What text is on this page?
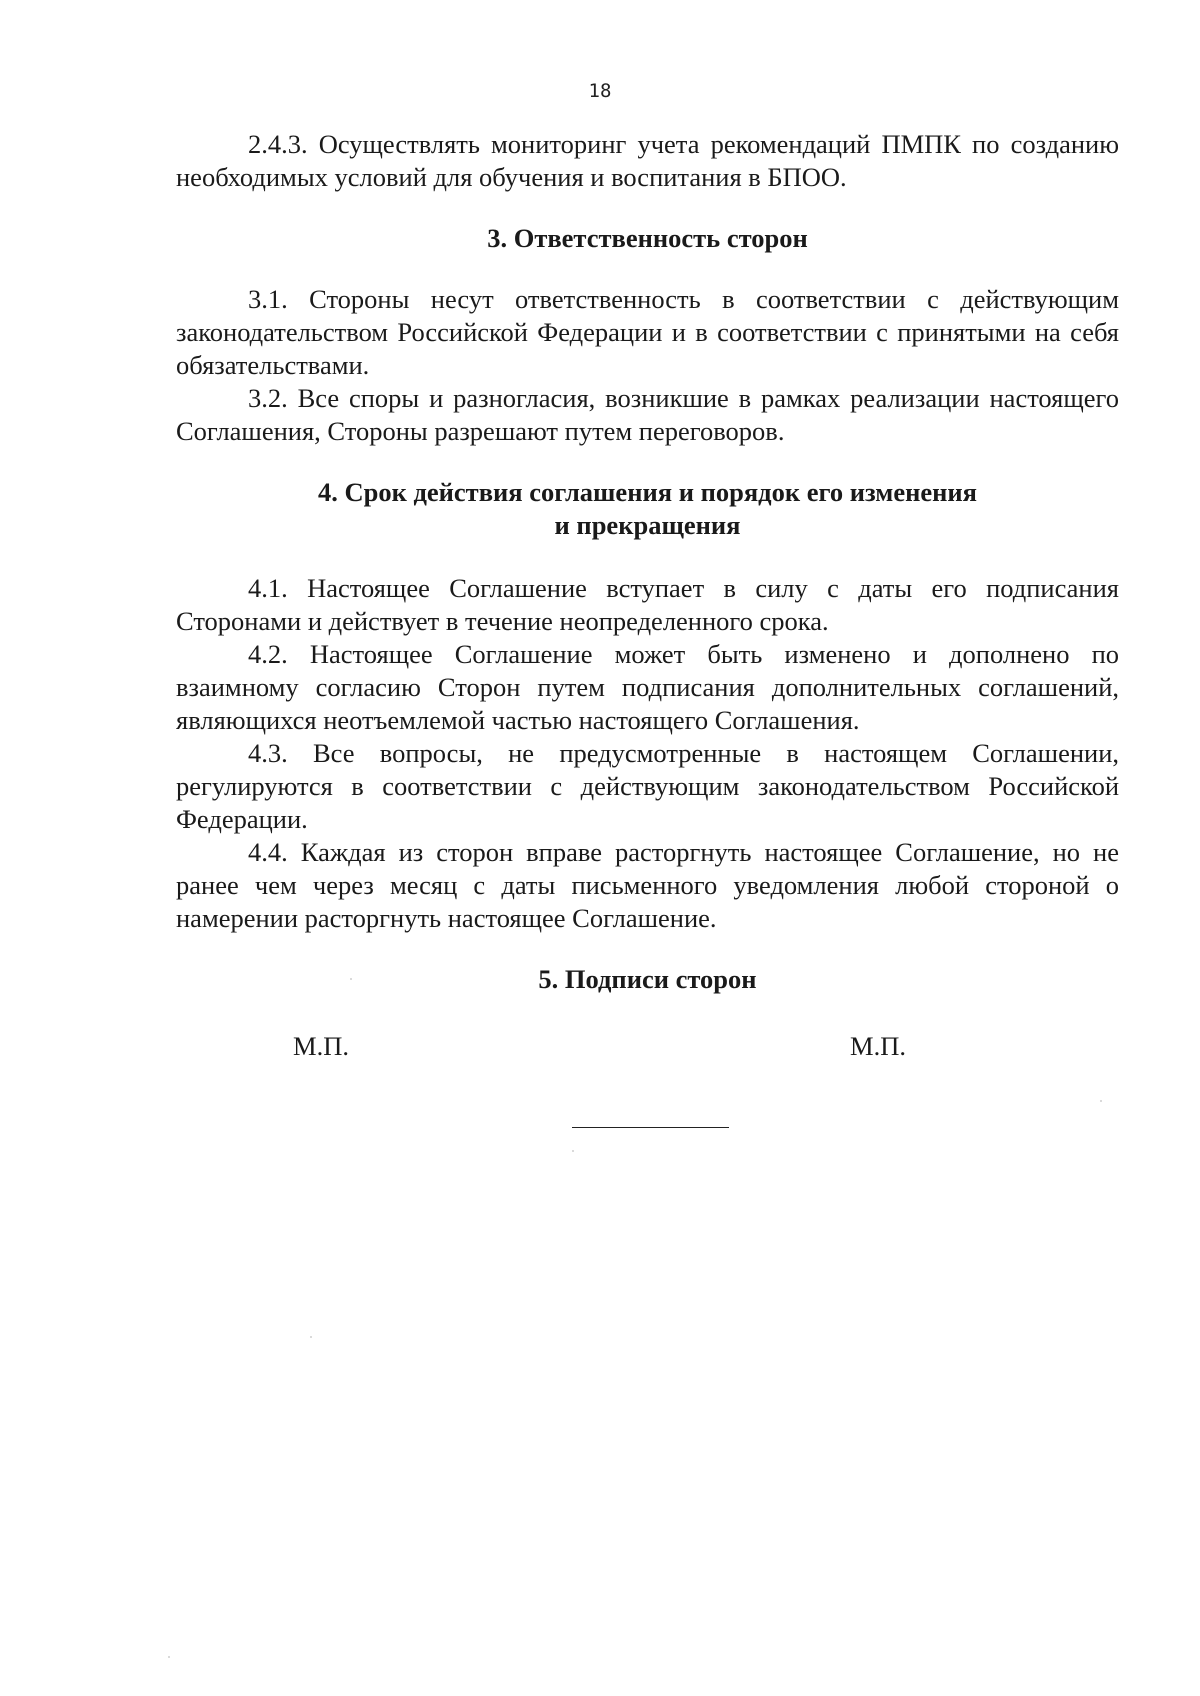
18

2.4.3. Осуществлять мониторинг учета рекомендаций ПМПК по созданию необходимых условий для обучения и воспитания в БПОО.

3. Ответственность сторон

3.1. Стороны несут ответственность в соответствии с действующим законодательством Российской Федерации и в соответствии с принятыми на себя обязательствами.

3.2. Все споры и разногласия, возникшие в рамках реализации настоящего Соглашения, Стороны разрешают путем переговоров.

4. Срок действия соглашения и порядок его изменения
и прекращения

4.1. Настоящее Соглашение вступает в силу с даты его подписания Сторонами и действует в течение неопределенного срока.

4.2. Настоящее Соглашение может быть изменено и дополнено по взаимному согласию Сторон путем подписания дополнительных соглашений, являющихся неотъемлемой частью настоящего Соглашения.

4.3. Все вопросы, не предусмотренные в настоящем Соглашении, регулируются в соответствии с действующим законодательством Российской Федерации.

4.4. Каждая из сторон вправе расторгнуть настоящее Соглашение, но не ранее чем через месяц с даты письменного уведомления любой стороной о намерении расторгнуть настоящее Соглашение.

5. Подписи сторон
М.П.	М.П.
